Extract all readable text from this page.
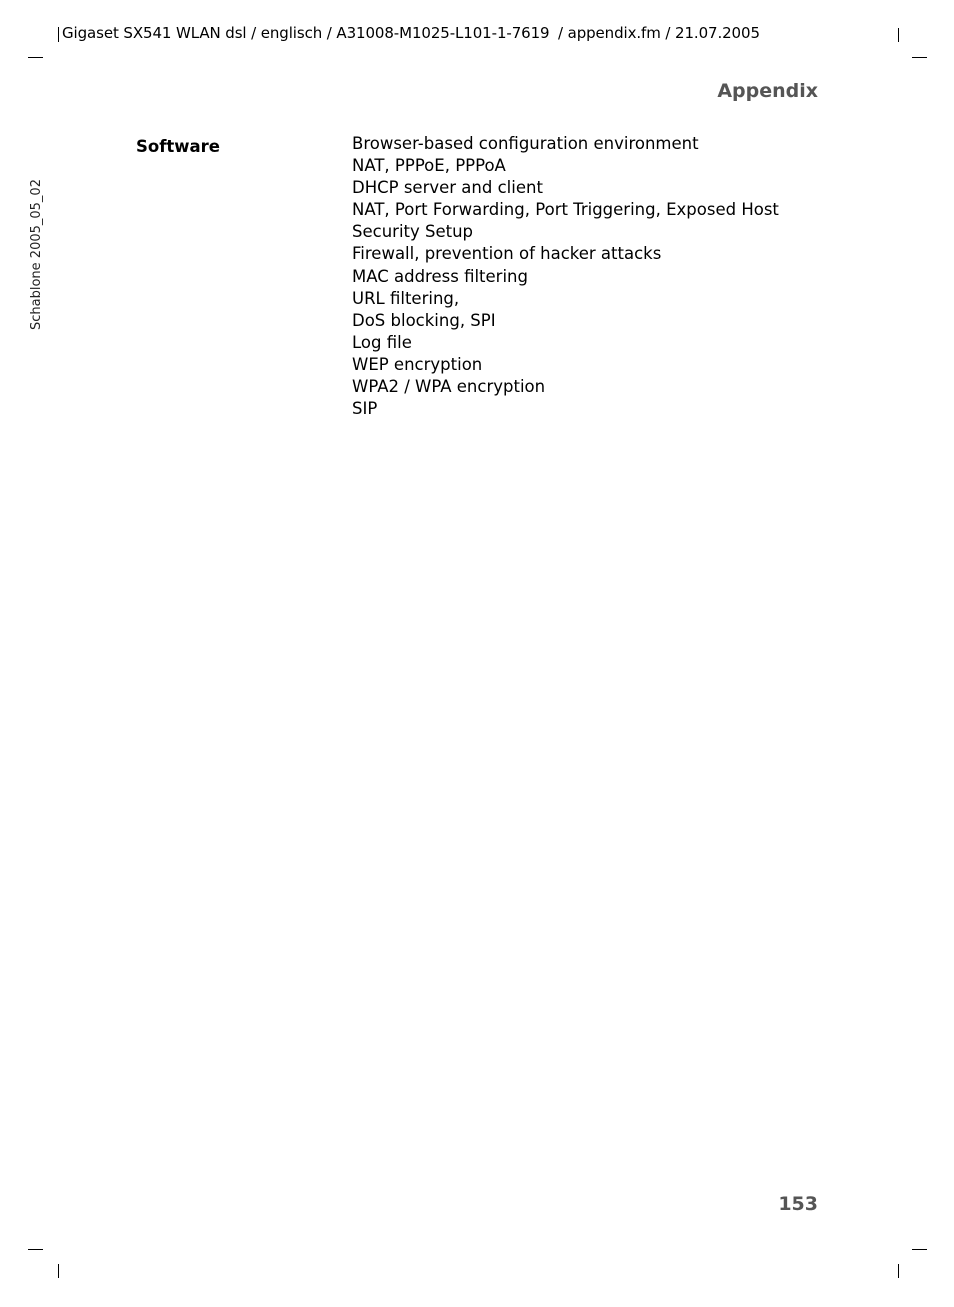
Gigaset SX541 WLAN dsl / englisch / A31008-M1025-L101-1-7619 / appendix.fm / 21.07.2005
Appendix
Schablone 2005_05_02
Software	Browser-based configuration environment
NAT, PPPoE, PPPoA
DHCP server and client
NAT, Port Forwarding, Port Triggering, Exposed Host
Security Setup
Firewall, prevention of hacker attacks
MAC address filtering
URL filtering,
DoS blocking, SPI
Log file
WEP encryption
WPA2 / WPA encryption
SIP
153
